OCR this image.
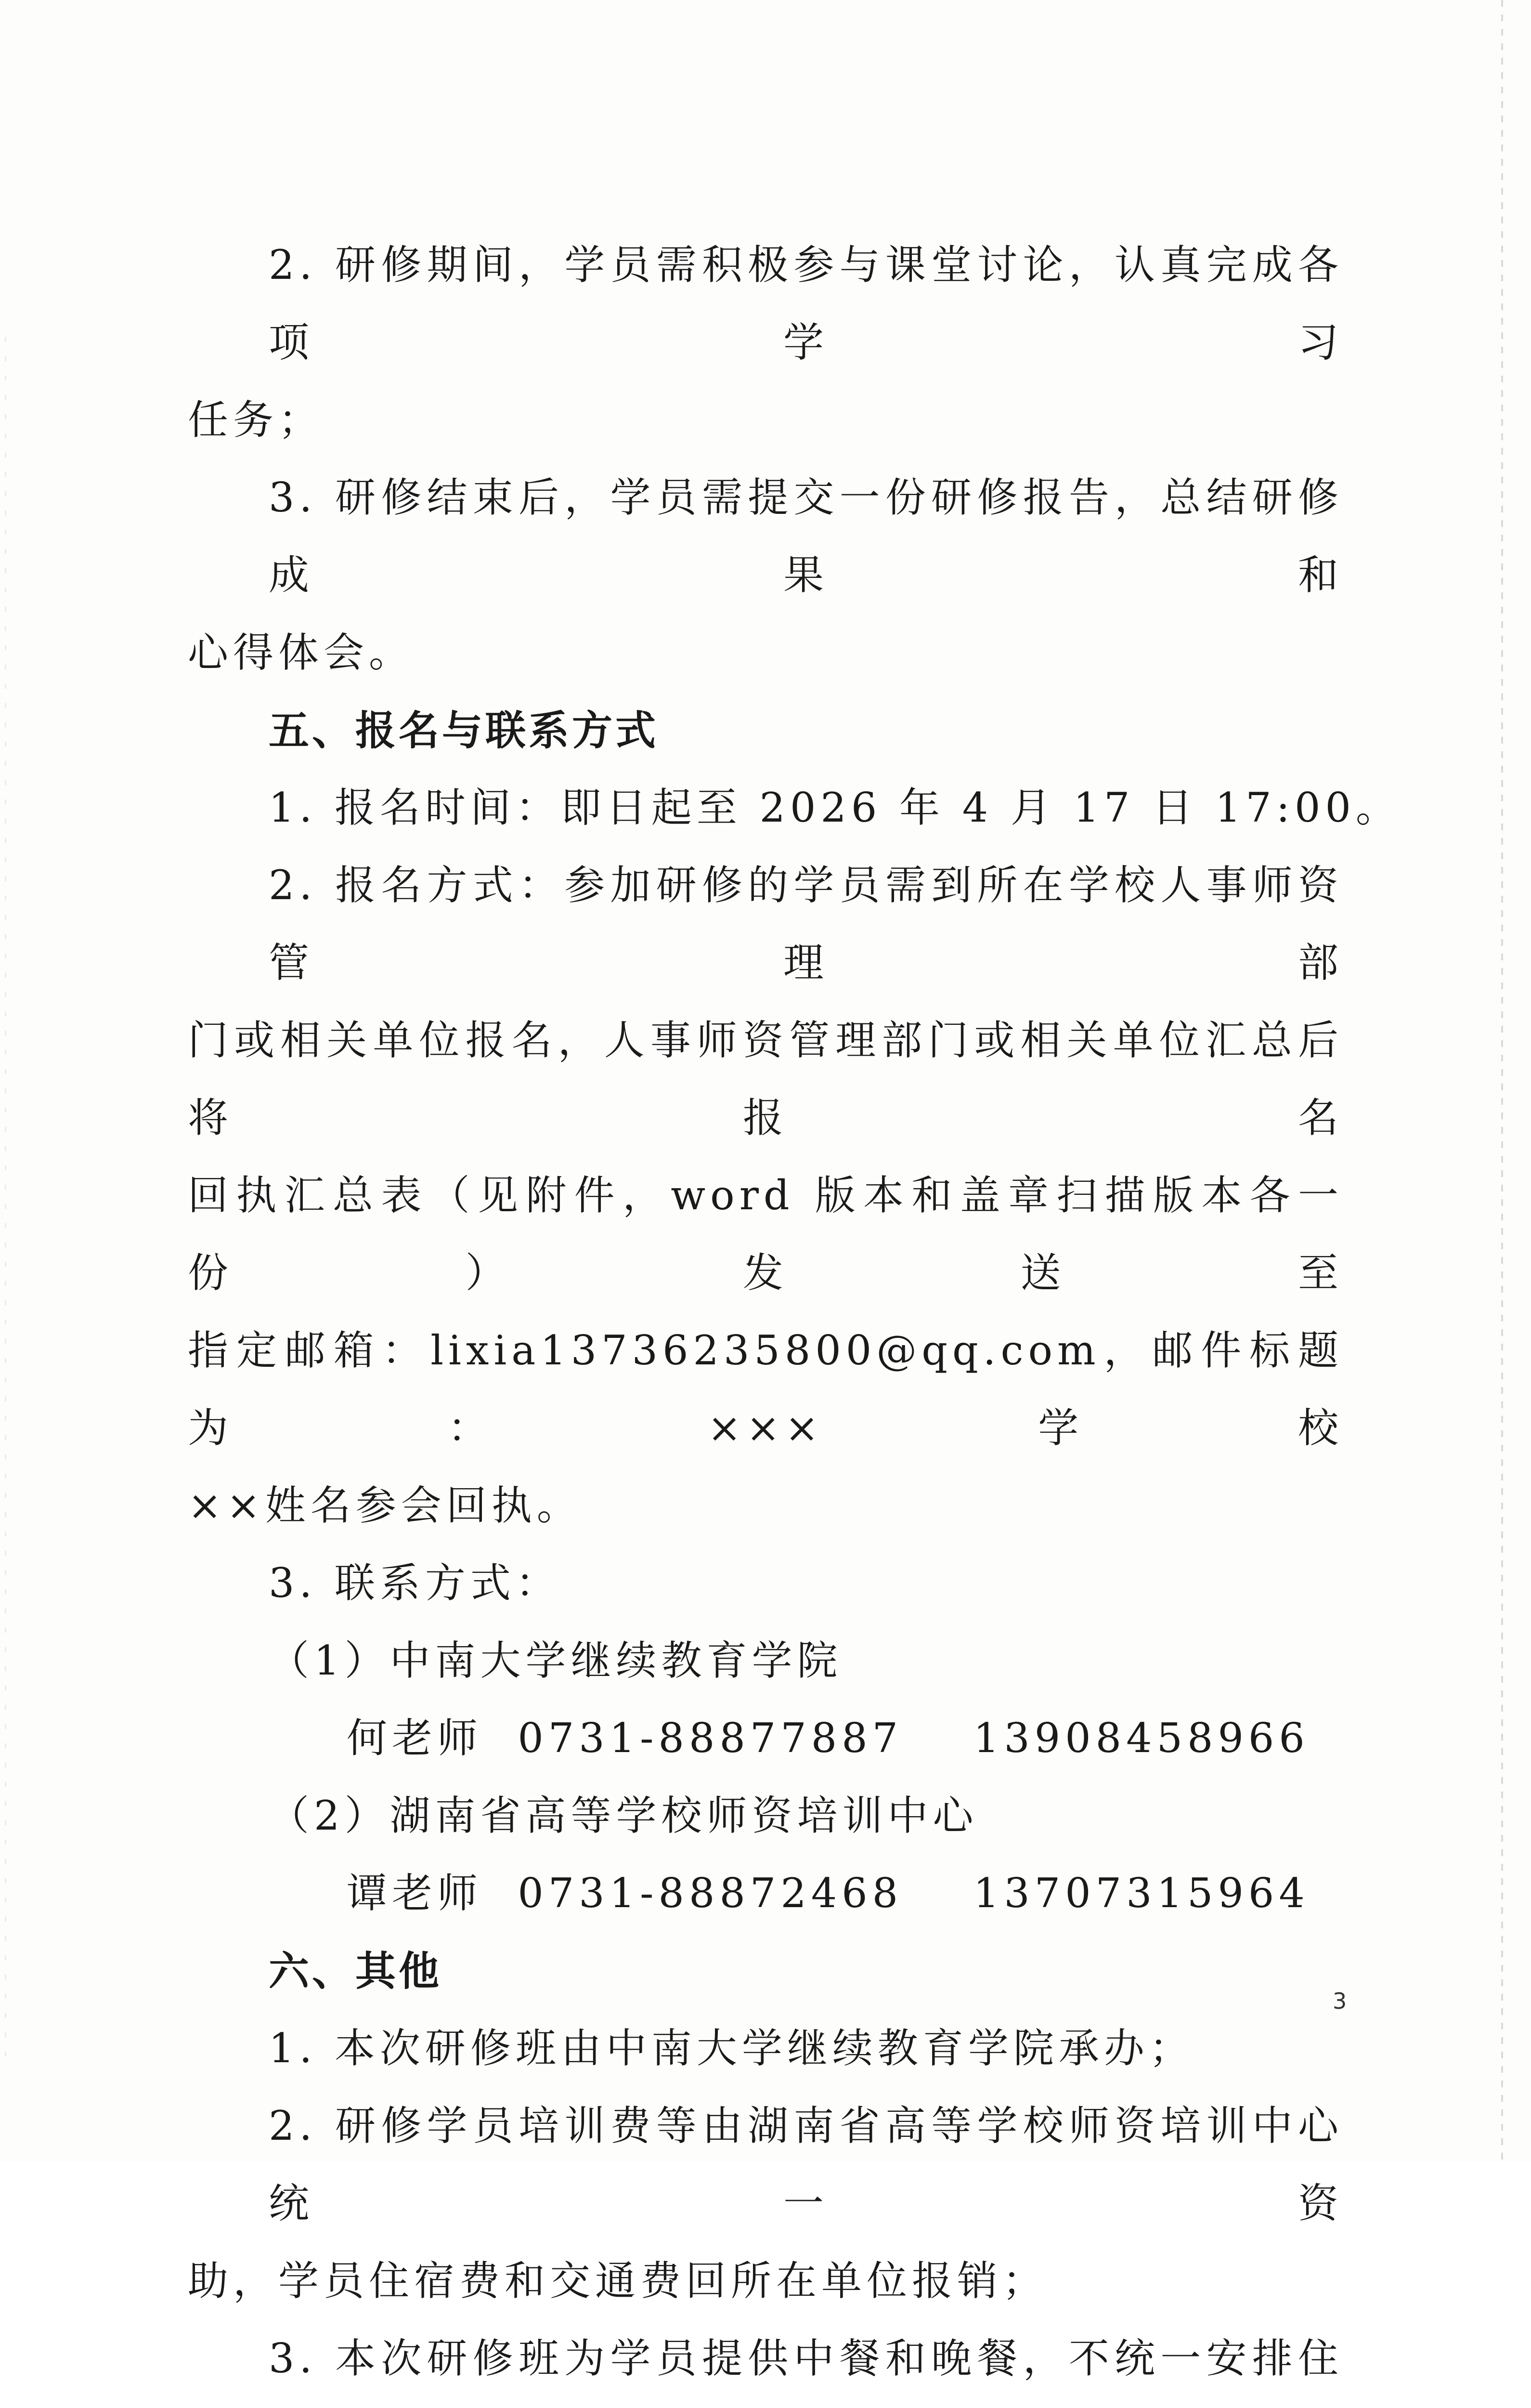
2. 研修期间，学员需积极参与课堂讨论，认真完成各项学习
任务；
3. 研修结束后，学员需提交一份研修报告，总结研修成果和
心得体会。
五、报名与联系方式
1. 报名时间：即日起至 2026 年 4 月 17 日 17:00。
2. 报名方式：参加研修的学员需到所在学校人事师资管理部
门或相关单位报名，人事师资管理部门或相关单位汇总后将报名
回执汇总表（见附件，word 版本和盖章扫描版本各一份）发送至
指定邮箱：lixia13736235800@qq.com，邮件标题为：×××学校
××姓名参会回执。
3. 联系方式：
（1）中南大学继续教育学院
何老师  0731-88877887    13908458966
（2）湖南省高等学校师资培训中心
谭老师  0731-88872468    13707315964
六、其他
1. 本次研修班由中南大学继续教育学院承办；
2. 研修学员培训费等由湖南省高等学校师资培训中心统一资
助，学员住宿费和交通费回所在单位报销；
3. 本次研修班为学员提供中餐和晚餐，不统一安排住
3
